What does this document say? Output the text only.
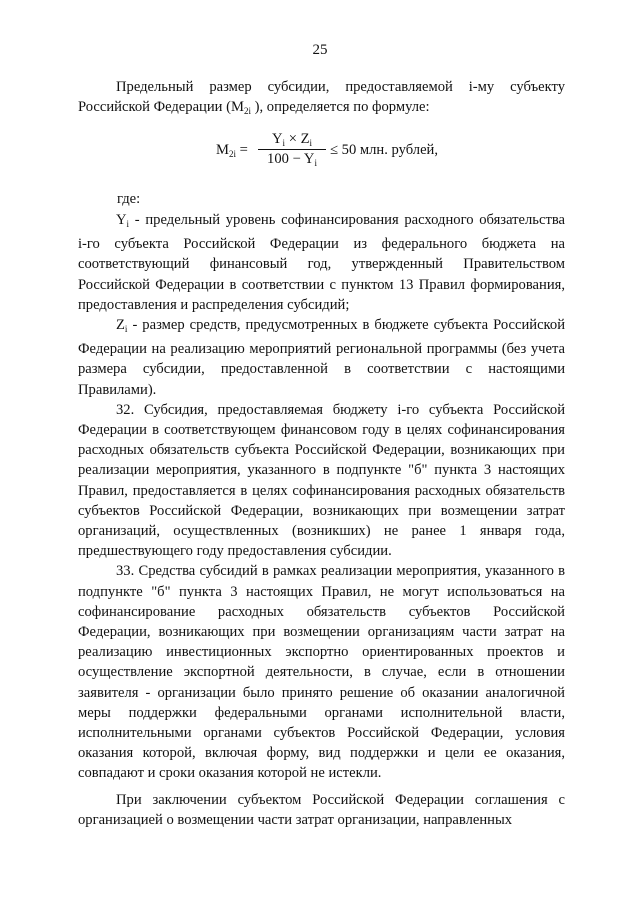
25

Предельный размер субсидии, предоставляемой i-му субъекту Российской Федерации ($M_{2i}$ ), определяется по формуле:

$M_{2i}$ =
$Y_i \times Z_i$
$100 - Y_i$
≤ 50 млн. рублей,
где:

$Y_i$ - предельный уровень софинансирования расходного обязательства i-го субъекта Российской Федерации из федерального бюджета на соответствующий финансовый год, утвержденный Правительством Российской Федерации в соответствии с пунктом 13 Правил формирования, предоставления и распределения субсидий;

$Z_i$ - размер средств, предусмотренных в бюджете субъекта Российской Федерации на реализацию мероприятий региональной программы (без учета размера субсидии, предоставленной в соответствии с настоящими Правилами).

32. Субсидия, предоставляемая бюджету i-го субъекта Российской Федерации в соответствующем финансовом году в целях софинансирования расходных обязательств субъекта Российской Федерации, возникающих при реализации мероприятия, указанного в подпункте "б" пункта 3 настоящих Правил, предоставляется в целях софинансирования расходных обязательств субъектов Российской Федерации, возникающих при возмещении затрат организаций, осуществленных (возникших) не ранее 1 января года, предшествующего году предоставления субсидии.

33. Средства субсидий в рамках реализации мероприятия, указанного в подпункте "б" пункта 3 настоящих Правил, не могут использоваться на софинансирование расходных обязательств субъектов Российской Федерации, возникающих при возмещении организациям части затрат на реализацию инвестиционных экспортно ориентированных проектов и осуществление экспортной деятельности, в случае, если в отношении заявителя - организации было принято решение об оказании аналогичной меры поддержки федеральными органами исполнительной власти, исполнительными органами субъектов Российской Федерации, условия оказания которой, включая форму, вид поддержки и цели ее оказания, совпадают и сроки оказания которой не истекли.

При заключении субъектом Российской Федерации соглашения с организацией о возмещении части затрат организации, направленных
